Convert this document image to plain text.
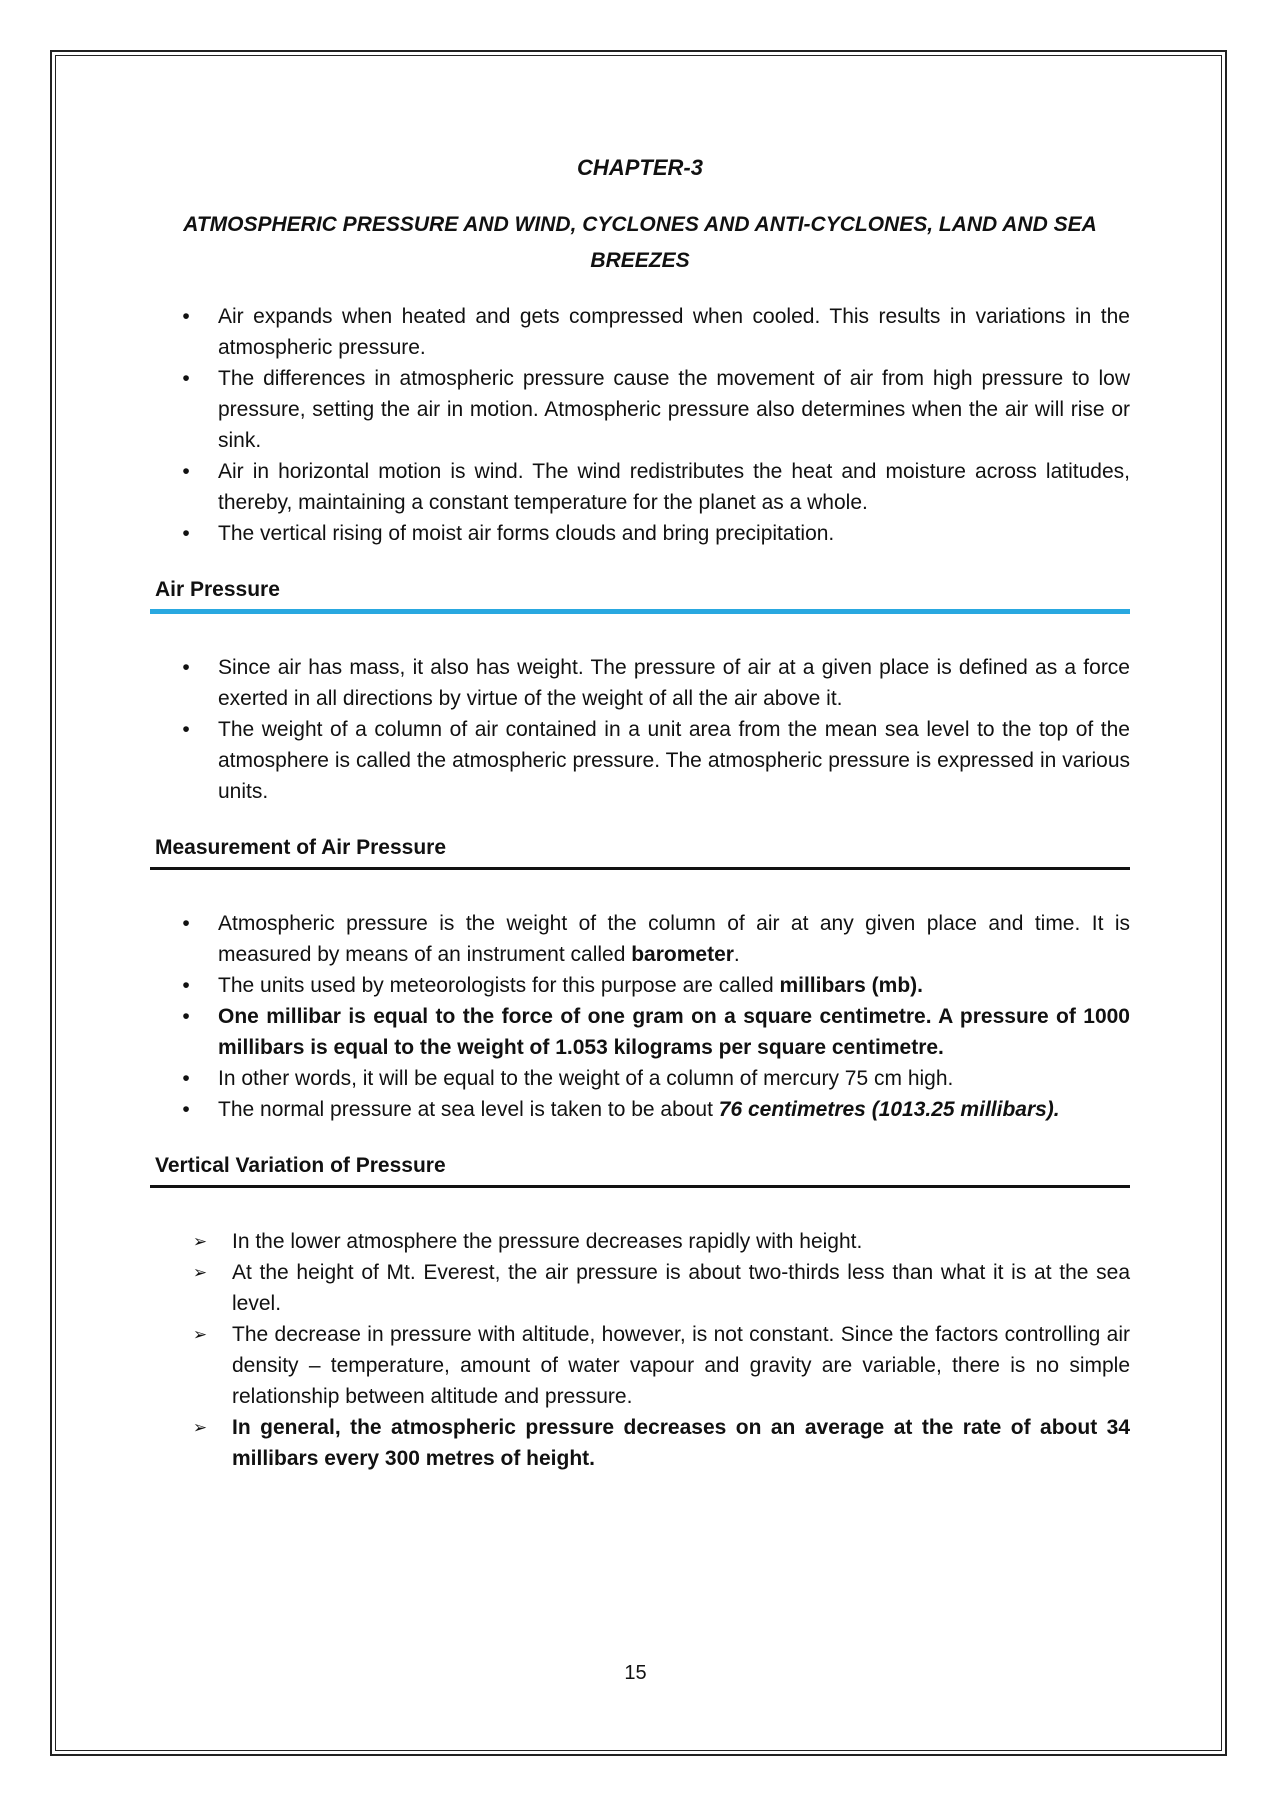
CHAPTER-3
ATMOSPHERIC PRESSURE AND WIND, CYCLONES AND ANTI-CYCLONES, LAND AND SEA BREEZES
•	Air expands when heated and gets compressed when cooled. This results in variations in the atmospheric pressure.
•	The differences in atmospheric pressure cause the movement of air from high pressure to low pressure, setting the air in motion. Atmospheric pressure also determines when the air will rise or sink.
•	Air in horizontal motion is wind. The wind redistributes the heat and moisture across latitudes, thereby, maintaining a constant temperature for the planet as a whole.
•	The vertical rising of moist air forms clouds and bring precipitation.
Air Pressure
•	Since air has mass, it also has weight. The pressure of air at a given place is defined as a force exerted in all directions by virtue of the weight of all the air above it.
•	The weight of a column of air contained in a unit area from the mean sea level to the top of the atmosphere is called the atmospheric pressure. The atmospheric pressure is expressed in various units.
Measurement of Air Pressure
•	Atmospheric pressure is the weight of the column of air at any given place and time. It is measured by means of an instrument called barometer.
•	The units used by meteorologists for this purpose are called millibars (mb).
•	One millibar is equal to the force of one gram on a square centimetre. A pressure of 1000 millibars is equal to the weight of 1.053 kilograms per square centimetre.
•	In other words, it will be equal to the weight of a column of mercury 75 cm high.
•	The normal pressure at sea level is taken to be about 76 centimetres (1013.25 millibars).
Vertical Variation of Pressure
➢ In the lower atmosphere the pressure decreases rapidly with height.
➢ At the height of Mt. Everest, the air pressure is about two-thirds less than what it is at the sea level.
➢ The decrease in pressure with altitude, however, is not constant. Since the factors controlling air density – temperature, amount of water vapour and gravity are variable, there is no simple relationship between altitude and pressure.
➢ In general, the atmospheric pressure decreases on an average at the rate of about 34 millibars every 300 metres of height.
15
